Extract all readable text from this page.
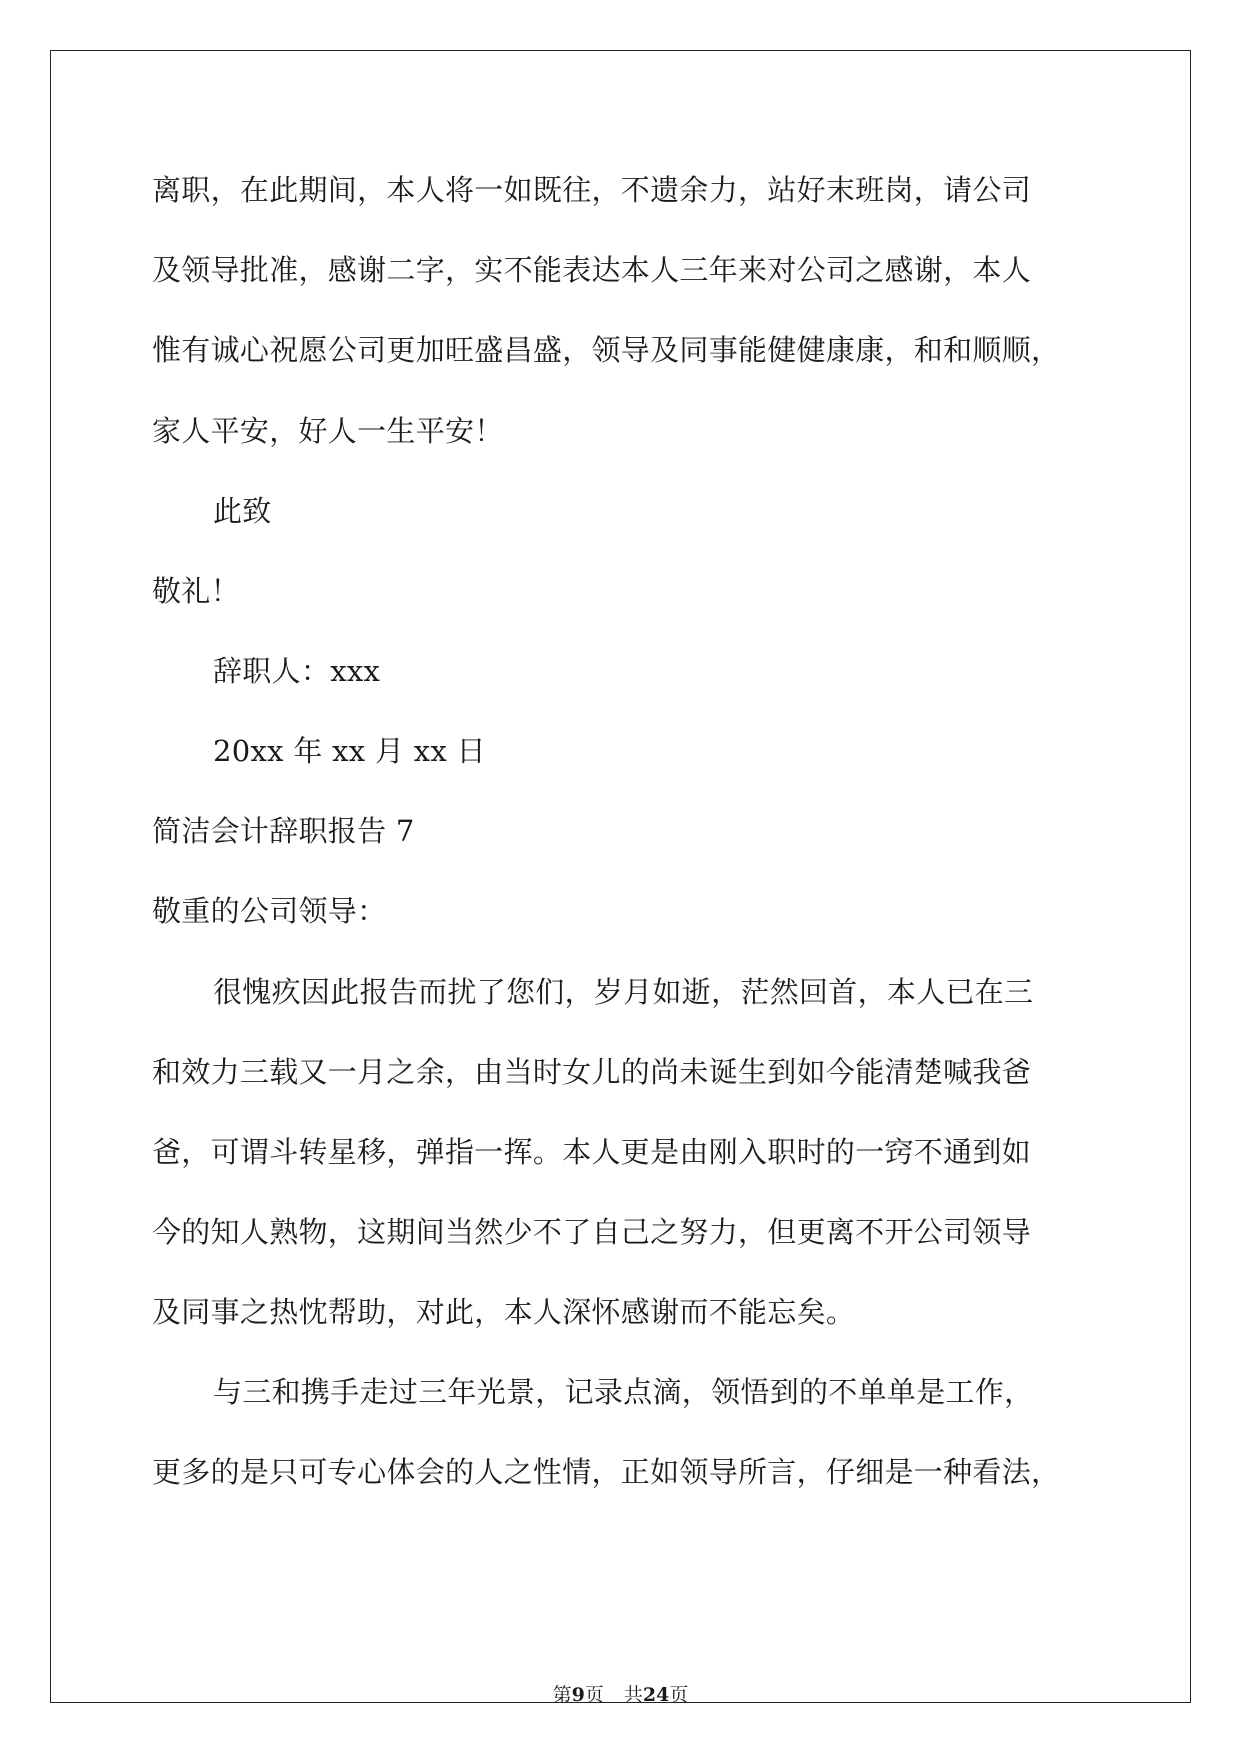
离职，在此期间，本人将一如既往，不遗余力，站好末班岗，请公司
及领导批准，感谢二字，实不能表达本人三年来对公司之感谢，本人
惟有诚心祝愿公司更加旺盛昌盛，领导及同事能健健康康，和和顺顺，
家人平安，好人一生平安！
此致
敬礼！
辞职人：xxx
20xx 年 xx 月 xx 日
简洁会计辞职报告 7
敬重的公司领导：
很愧疚因此报告而扰了您们，岁月如逝，茫然回首，本人已在三
和效力三载又一月之余，由当时女儿的尚未诞生到如今能清楚喊我爸
爸，可谓斗转星移，弹指一挥。本人更是由刚入职时的一窍不通到如
今的知人熟物，这期间当然少不了自己之努力，但更离不开公司领导
及同事之热忱帮助，对此，本人深怀感谢而不能忘矣。
与三和携手走过三年光景，记录点滴，领悟到的不单单是工作，
更多的是只可专心体会的人之性情，正如领导所言，仔细是一种看法，
第9页 共24页
